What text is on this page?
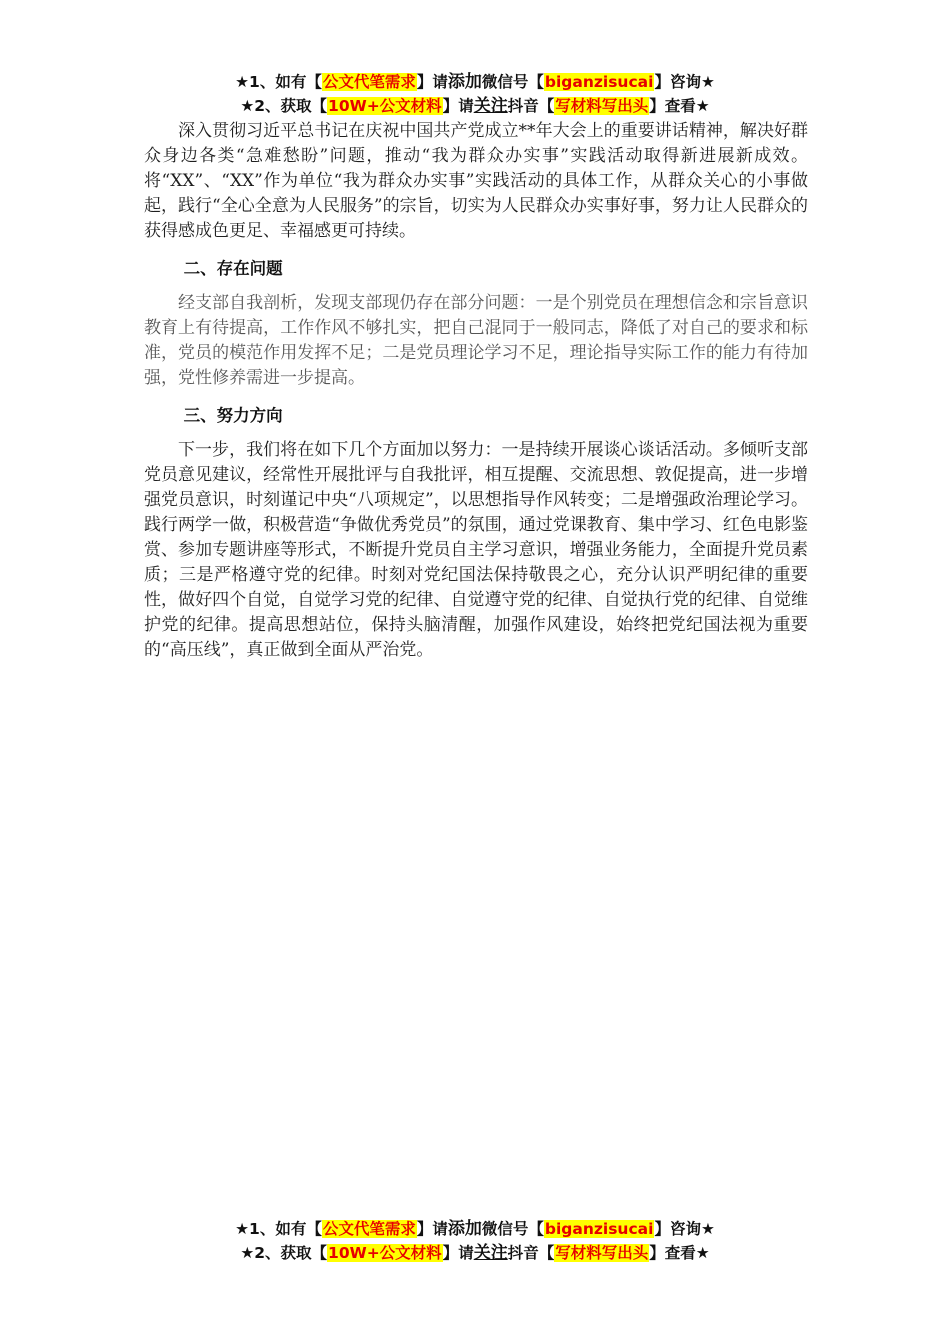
★1、如有【公文代笔需求】请添加微信号【biganzisucai】咨询★
★2、获取【10W+公文材料】请关注抖音【写材料写出头】查看★

深入贯彻习近平总书记在庆祝中国共产党成立**年大会上的重要讲话精神，解决好群众身边各类“急难愁盼”问题，推动“我为群众办实事”实践活动取得新进展新成效。将“XX”、“XX”作为单位“我为群众办实事”实践活动的具体工作，从群众关心的小事做起，践行“全心全意为人民服务”的宗旨，切实为人民群众办实事好事，努力让人民群众的获得感成色更足、幸福感更可持续。

二、存在问题

经支部自我剖析，发现支部现仍存在部分问题：一是个别党员在理想信念和宗旨意识教育上有待提高，工作作风不够扎实，把自己混同于一般同志，降低了对自己的要求和标准，党员的模范作用发挥不足；二是党员理论学习不足，理论指导实际工作的能力有待加强，党性修养需进一步提高。

三、努力方向

下一步，我们将在如下几个方面加以努力：一是持续开展谈心谈话活动。多倾听支部党员意见建议，经常性开展批评与自我批评，相互提醒、交流思想、敦促提高，进一步增强党员意识，时刻谨记中央“八项规定”，以思想指导作风转变；二是增强政治理论学习。践行两学一做，积极营造“争做优秀党员”的氛围，通过党课教育、集中学习、红色电影鉴赏、参加专题讲座等形式，不断提升党员自主学习意识，增强业务能力，全面提升党员素质；三是严格遵守党的纪律。时刻对党纪国法保持敬畏之心，充分认识严明纪律的重要性，做好四个自觉，自觉学习党的纪律、自觉遵守党的纪律、自觉执行党的纪律、自觉维护党的纪律。提高思想站位，保持头脑清醒，加强作风建设，始终把党纪国法视为重要的“高压线”，真正做到全面从严治党。

★1、如有【公文代笔需求】请添加微信号【biganzisucai】咨询★
★2、获取【10W+公文材料】请关注抖音【写材料写出头】查看★
